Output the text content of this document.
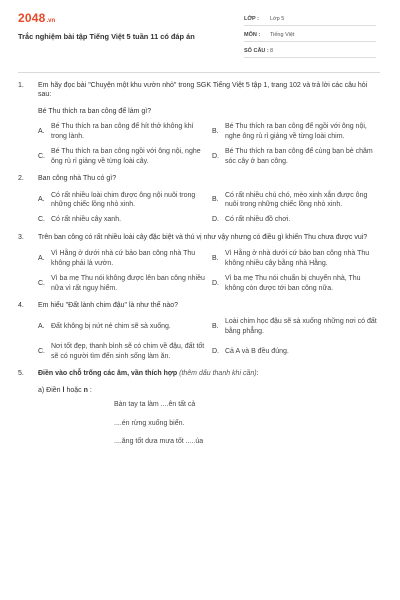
2048 .vn
Trắc nghiệm bài tập Tiếng Việt 5 tuần 11 có đáp án
LỚP :	Lớp 5
MÔN :	Tiếng Việt
SỐ CÂU : 8
1.	Em hãy đọc bài "Chuyện một khu vườn nhỏ" trong SGK Tiếng Việt 5 tập 1, trang 102 và trả lời các câu hỏi sau:
Bé Thu thích ra ban công để làm gì?
A.
Bé Thu thích ra ban công để hít thở không khí trong lành.
B.
Bé Thu thích ra ban công để ngồi với ông nội, nghe ông rủ rỉ giảng về từng loài chim.
C.
Bé Thu thích ra ban công ngồi với ông nội, nghe ông rủ rỉ giảng về từng loài cây.
D.
Bé Thu thích ra ban công để cùng bạn bè chăm sóc cây ở ban công.
2.	Ban công nhà Thu có gì?
A.
Có rất nhiều loài chim được ông nội nuôi trong những chiếc lồng nhỏ xinh.
B.
Có rất nhiều chú chó, mèo xinh xắn được ông nuôi trong những chiếc lồng nhỏ xinh.
C. Có rất nhiều cây xanh.	D. Có rất nhiều đồ chơi.
3.	Trên ban công có rất nhiều loài cây đặc biệt và thú vị như vậy nhưng có điều gì khiến Thu chưa được vui?
A.
Vì Hằng ở dưới nhà cứ bảo ban công nhà Thu không phải là vườn.
B.
Vì Hằng ở nhà dưới cứ bảo ban công nhà Thu không nhiều cây bằng nhà Hằng.
C.
Vì ba mẹ Thu nói không được lên ban công nhiều nữa vì rất nguy hiểm.
D.
Vì ba mẹ Thu nói chuẩn bị chuyển nhà, Thu không còn được tới ban công nữa.
4.	Em hiểu "Đất lành chim đậu" là như thế nào?
A. Đất không bị nứt nẻ chim sẽ sà xuống.	B.
Loài chim học đậu sẽ sà xuống những nơi có đất bằng phẳng.
C.
Nơi tốt đẹp, thanh bình sẽ có chim về đậu, đất tốt sẽ có người tìm đến sinh sống làm ăn.
D. Cả A và B đều đúng.
5.	Điền vào chỗ trống các âm, vần thích hợp (thêm dấu thanh khi cần):
a) Điền l hoặc n :
Bàn tay ta làm ....ên tất cả
....én rừng xuống biển.
....ăng tốt dưa mưa tốt .....úa
